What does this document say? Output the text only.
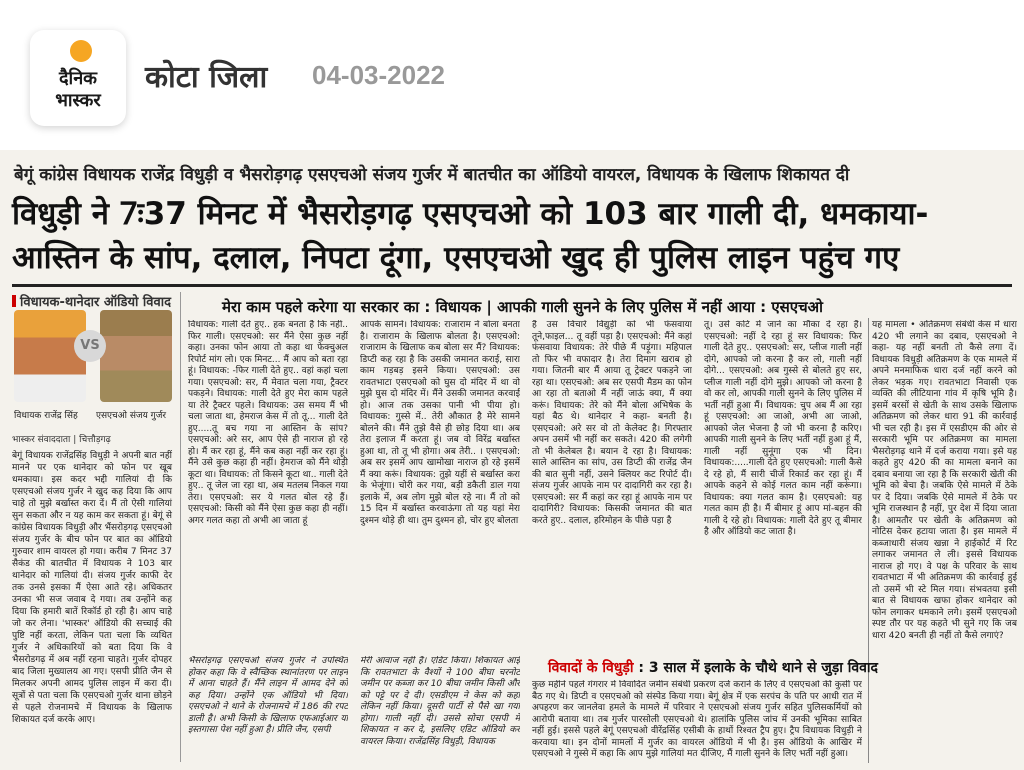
दैनिक
भास्कर
कोटा जिला 04-03-2022
बेगूं कांग्रेस विधायक राजेंद्र विधुड़ी व भैसरोड़गढ़ एसएचओ संजय गुर्जर में बातचीत का ऑडियो वायरल, विधायक के खिलाफ शिकायत दी
विधुड़ी ने 7ः37 मिनट में भैसरोड़गढ़ एसएचओ को 103 बार गाली दी, धमकाया- आस्तिन के सांप, दलाल, निपटा दूंगा, एसएचओ खुद ही पुलिस लाइन पहुंच गए
विधायक-थानेदार ऑडियो विवाद
VS
विधायक राजेंद्र सिंह एसएचओ संजय गुर्जर
भास्कर संवाददाता | चित्तौड़गढ़
बेगूं विधायक राजेंद्रसिंह विधुड़ी ने अपनी बात नहीं मानने पर एक थानेदार को फोन पर खूब धमकाया। इस कदर भद्दी गालियां दी कि एसएचओ संजय गुर्जर ने खुद कह दिया कि आप चाहे तो मुझे बर्खास्त करा दें। मैं तो ऐसी गालियां सुन सकता और न यह काम कर सकता हूं। बेगूं से कांग्रेस विधायक विधुड़ी और भैंसरोड़गढ़ एसएचओ संजय गुर्जर के बीच फोन पर बात का ऑडियो गुरुवार शाम वायरल हो गया। करीब 7 मिनट 37 सैकंड की बातचीत में विधायक ने 103 बार थानेदार को गालियां दी। संजय गुर्जर काफी देर तक उनसे इसका मैं ऐसा आते रहे। अधिकतर उनका भी सज जवाब दे गया। तब उन्होंने कह दिया कि हमारी बातें रिकॉर्ड हो रही है। आप चाहे जो कर लेना। 'भास्कर' ऑडियो की सच्चाई की पुष्टि नहीं करता, लेकिन पता चला कि व्यथित गुर्जर ने अधिकारियों को बता दिया कि वे भैसरोडगढ़ में अब नहीं रहना चाहते। गुर्जर दोपहर बाद जिला मुख्यालय आ गए। एसपी प्रीति जैन से मिलकर अपनी आमद पुलिस लाइन में करा दी। सूत्रों से पता चला कि एसएचओ गुर्जर थाना छोड़ने से पहले रोजनामचे में विधायक के खिलाफ शिकायत दर्ज करके आए।
मेरा काम पहले करेगा या सरकार का : विधायक | आपकी गाली सुनने के लिए पुलिस में नहीं आया : एसएचओ
विधायक: गाली देते हुए.. हक बनता है कि नहीं.. फिर गाली। एसएचओ: सर मैंने ऐसा कुछ नहीं कहा। उनका फोन आया तो कहा था फेक्चुअल रिपोर्ट मांग लो। एक मिनट... मैं आप को बता रहा हूं। विधायक: -फिर गाली देते हुए.. वहां कहां चला गया। एसएचओ: सर, मैं मेवात चला गया, ट्रैक्टर पकड़ने। विधायक: गाली देते हुए मेरा काम पहले या तेरे ट्रैक्टर पहले। विधायक: उस समय मैं भी चला जाता था, हेमराज केस में तो तू... गाली देते हुए.....तू बच गया ना आस्तिन के सांप? एसएचओ: अरे सर, आप ऐसे ही नाराज हो रहे हो। मैं कर रहा हूं, मैंने कब कहा नहीं कर रहा हूं। मैंने उसे कुछ कहा ही नहीं। हेमराज को मैंने थोड़ी कूटा था। विधायक: तो किसने कूटा था.. गाली देते हुए.. तू जेल जा रहा था, अब मतलब निकल गया तेरा। एसएचओ: सर ये गलत बोल रहे हैं। एसएचओ: किसी को मैंने ऐसा कुछ कहा ही नहीं। अगर गलत कहा तो अभी आ जाता हूं
आपके सामने। विधायक: राजाराम ने बोला बनता है। राजाराम के खिलाफ बोलता है। एसएचओ: राजाराम के खिलाफ कब बोला सर मैं? विधायक: डिप्टी कह रहा है कि उसकी जमानत कराई, सारा काम गड़बड़ इसने किया। एसएचओ: उस रावतभाटा एसएचओ को घुस दो मंदिर में था वो मुझे घुस दो मंदिर में। मैंने उसकी जमानत करवाई हो। आज तक उसका पानी भी पीया हो। विधायक: गुस्से में.. तेरी औकात है मेरे सामने बोलने की। मैंने तुझे वैसे ही छोड़ दिया था। अब तेरा इलाज मैं करता हूं। जब वो विरेंद्र बर्खास्त हुआ था, तो तू भी होगा। अब तेरी.. । एसएचओ: अब सर इसमें आप खामोखा नाराज हो रहे इसमें मैं क्या करूं। विधायक: तुझे यहीं से बर्खास्त करा के भेजूंगा। चोरी कर गया, बड़ी डकैती डाल गया इलाके में, अब लोग मुझे बोल रहे ना। मैं तो को 15 दिन में बर्खास्त करवाऊंगा तो यह यहां मेरा दुश्मन थोड़े ही था। तुम दुश्मन हो, चोर हुए बोलता
है उस विचारे विद्युड़ी को भी फंसवाया तूने,फाइल... तू वहीं पड़ा है। एसएचओ: मैंने कहां फंसवाया विधायक: तेरे पीछे मैं पड़ूंगा। महिपाल तो फिर भी वफादार है। तेरा दिमाग खराब हो गया। जितनी बार मैं आया तू ट्रेक्टर पकड़ने जा रहा था। एसएचओ: अब सर एसपी मैडम का फोन आ रहा तो बताओ मैं नहीं जाऊं क्या, मैं क्या करूं। विधायक: तेरे को मैंने बोला अभिषेक के यहां बैठ थे। थानेदार ने कहा- बनती है। एसएचओ: अरे सर वो तो केलेक्ट है। गिरफ्तार अपन उसमें भी नहीं कर सकते। 420 की लगेगी तो भी केलेबल है। बयान दे रहा है। विधायक: साले आस्तिन का सांप, उस डिप्टी की राजेंद्र जैन की बात सुनी नहीं, उसने क्लियर कट रिपोर्ट दी। संजय गुर्जर आपके नाम पर दादागिरी कर रहा है। एसएचओ: सर मैं कहां कर रहा हूं आपके नाम पर दादागिरी? विधायक: किसकी जमानत की बात करते हुए.. दलाल, हरिमोहन के पीछे पड़ा है
तू। उसे कोर्ट में जाने का मौका दे रहा है। एसएचओ: नहीं दे रहा हूं सर विधायक: फिर गाली देते हुए.. एसएचओ: सर, प्लीज गाली नहीं दोगे, आपको जो करना है कर लो, गाली नहीं दोगे... एसएचओ: अब गुस्से से बोलते हुए सर, प्लीज गाली नहीं दोगे मुझे। आपको जो करना है वो कर लो, आपकी गाली सुनने के लिए पुलिस में भर्ती नहीं हुआ मैं। विधायक: चुप अब मैं आ रहा हूं एसएचओ: आ जाओ, अभी आ जाओ, आपको जेल भेजना है जो भी करना है करिए। आपकी गाली सुनने के लिए भर्ती नहीं हुआ हूं मैं, गाली नहीं सुनूंगा एक भी दिन। विधायक:.....गाली देते हुए एसएचओ: गाली कैसे दे रहे हो, मैं सारी चीजें रिकार्ड कर रहा हूं। मैं आपके कहने से कोई गलत काम नहीं करूंगा। विधायक: क्या गलत काम है। एसएचओ: यह गलत काम ही है। मैं बीमार हूं आप मां-बहन की गाली दे रहे हो। विधायक: गाली देते हुए तू बीमार है और ऑडियो कट जाता है।
यह मामला • अतिक्रमण संबंधी केस में धारा 420 भी लगाने का दबाव, एसएचओ ने कहा- यह नहीं बनती तो कैसे लगा दें। विधायक विधुड़ी अतिक्रमण के एक मामले में अपने मनमाफिक धारा दर्ज नहीं करने को लेकर भड़क गए। रावतभाटा निवासी एक व्यक्ति की लीटियाना गांव में कृषि भूमि है। इसमें बरसों से खेती के साथ उसके खिलाफ अतिक्रमण को लेकर धारा 91 की कार्रवाई भी चल रही है। इस में एसडीएम की ओर से सरकारी भूमि पर अतिक्रमण का मामला भैसरोड़गढ़ थाने में दर्ज कराया गया। इसे यह कहते हुए 420 की का मामला बनाने का दबाव बनाया जा रहा है कि सरकारी खेती की भूमि को बेचा है। जबकि ऐसे मामले में ठेके पर दे दिया। जबकि ऐसे मामले में ठेके पर भूमि राजस्थान है नहीं, पुर देश में दिया जाता है। आमतौर पर खेती के अतिक्रमण को नोटिस देकर हटाया जाता है। इस मामले में कब्जाधारी संजय खन्ना ने हाईकोर्ट में रिट लगाकर जमानत ले ली। इससे विधायक नाराज हो गए। वे पक्ष के परिवार के साथ रावतभाटा में भी अतिक्रमण की कार्रवाई हुई तो उसमें भी स्टे मिल गया। संभवतया इसी बात से विधायक खफा होकर थानेदार को फोन लगाकर धमकाने लगे। इसमें एसएचओ स्पष्ट तौर पर यह कहते भी सुने गए कि जब धारा 420 बनती ही नहीं तो कैसे लगाएं?
भैसरोड़गढ़ एसएचओ संजय गुर्जर ने उपस्थित होकर कहा कि वे स्वैच्छिक स्थानांतरण पर लाइन में आना चाहते हैं। मैंने लाइन में आमद देने को कह दिया। उन्होंने एक ऑडियो भी दिया। एसएचओ ने थाने के रोजनामचे में 186 की रपट डाली है। अभी किसी के खिलाफ एफआईआर या इस्तगासा पेश नहीं हुआ है। प्रीति जैन, एसपी
मेरी आवाज नहीं है। एडिट किया। शिकायत आई कि रावतभाटा के वैश्यों ने 100 बीघा चरनोट जमीन पर कब्जा कर 10 बीघा जमीन किसी और को पट्टे पर दे दी। एसडीएम ने केस को कहा लेकिन नहीं किया। दूसरी पार्टी से पैसे खा गया होगा। गाली नहीं दी। उससे सोचा एसपी में शिकायत न कर दे, इसलिए एडिट ऑडियो कर वायरल किया। राजेंद्रसिंह विधुड़ी, विधायक
विवादों के विधुड़ी : 3 साल में इलाके के चौथे थाने से जुड़ा विवाद
कुछ महीने पहले गंगरार में विवादित जमीन संबंधी प्रकरण दर्ज कराने के लिए वे एसएचओ की कुर्सी पर बैठ गए थे। डिप्टी व एसएचओ को संस्पेड किया गया। बेगूं क्षेत्र में एक सरपंच के पति पर आधी रात में अपहरण कर जानलेवा हमले के मामले में परिवार ने एसएचओ संजय गुर्जर सहित पुलिसकर्मियों को आरोपी बताया था। तब गुर्जर पारसोली एसएचओ थे। हालांकि पुलिस जांच में उनकी भूमिका साबित नहीं हुई। इससे पहले बेगूं एसएचओ वीरेंद्रसिंह एसीबी के हाथों रिश्वत ट्रैप हुए। ट्रैप विधायक विधुड़ी ने करवाया था। इन दोनों मामलों में गुर्जर का वायरल ऑडियो में भी है। इस ऑडियो के आखिर में एसएचओ ने गुस्से में कहा कि आप मुझे गालियां मत दीजिए, मैं गाली सुनने के लिए भर्ती नहीं हुआ।
